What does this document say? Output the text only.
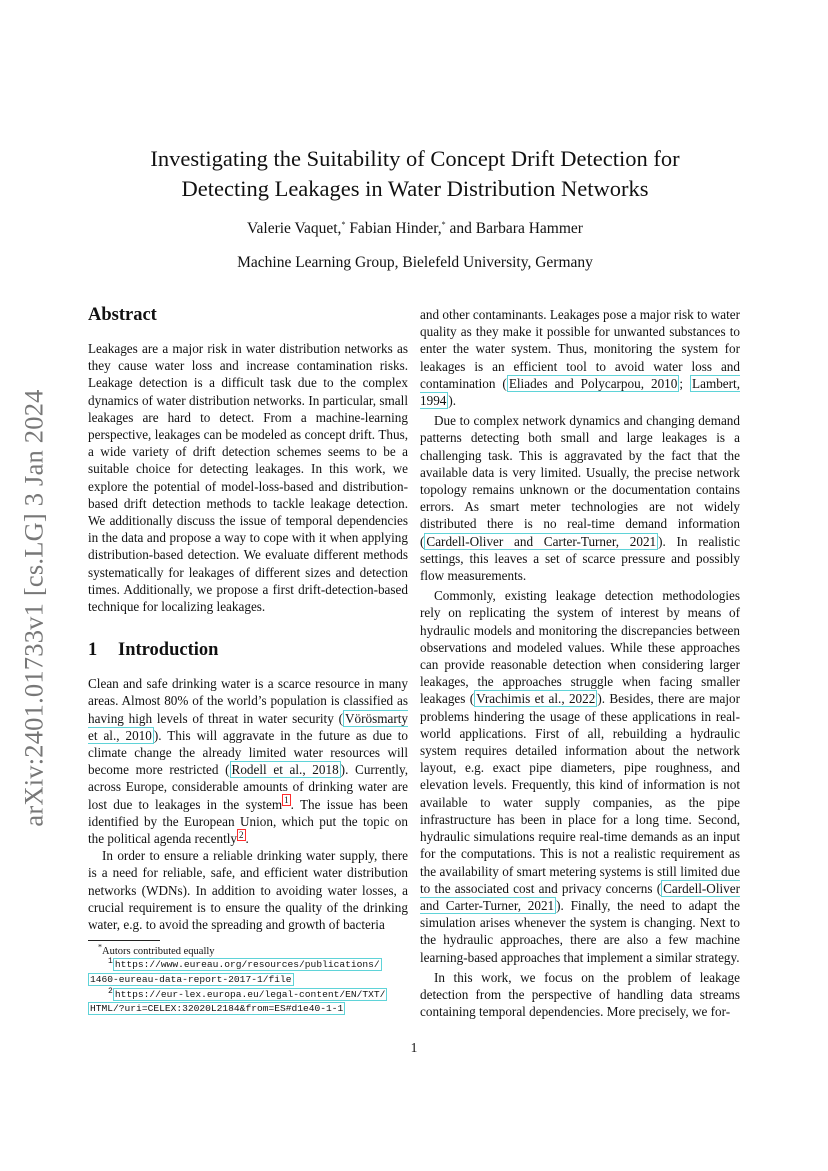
arXiv:2401.01733v1 [cs.LG] 3 Jan 2024
Investigating the Suitability of Concept Drift Detection for
Detecting Leakages in Water Distribution Networks
Valerie Vaquet,* Fabian Hinder,* and Barbara Hammer
Machine Learning Group, Bielefeld University, Germany
Abstract

Leakages are a major risk in water distribution networks as they cause water loss and increase contamination risks. Leakage detection is a difficult task due to the complex dynamics of water distribution networks. In particular, small leakages are hard to detect. From a machine-learning perspective, leakages can be modeled as concept drift. Thus, a wide variety of drift detection schemes seems to be a suitable choice for detecting leakages. In this work, we explore the potential of model-loss-based and distribution-based drift detection methods to tackle leakage detection. We additionally discuss the issue of temporal dependencies in the data and propose a way to cope with it when applying distribution-based detection. We evaluate different methods systematically for leakages of different sizes and detection times. Additionally, we propose a first drift-detection-based technique for localizing leakages.

1 Introduction

Clean and safe drinking water is a scarce resource in many areas. Almost 80% of the world’s population is classified as having high levels of threat in water security ( Vörösmarty et al., 2010 ). This will aggravate in the future as due to climate change the already limited water resources will become more restricted ( Rodell et al., 2018 ). Currently, across Europe, considerable amounts of drinking water are lost due to leakages in the system $^1$ . The issue has been identified by the European Union, which put the topic on the political agenda recently $^2$ .

In order to ensure a reliable drinking water supply, there is a need for reliable, safe, and efficient water distribution networks (WDNs). In addition to avoiding water losses, a crucial requirement is to ensure the quality of the drinking water, e.g. to avoid the spreading and growth of bacteria

and other contaminants. Leakages pose a major risk to water quality as they make it possible for unwanted substances to enter the water system. Thus, monitoring the system for leakages is an efficient tool to avoid water loss and contamination ( Eliades and Polycarpou, 2010 ; Lambert, 1994 ).

Due to complex network dynamics and changing demand patterns detecting both small and large leakages is a challenging task. This is aggravated by the fact that the available data is very limited. Usually, the precise network topology remains unknown or the documentation contains errors. As smart meter technologies are not widely distributed there is no real-time demand information ( Cardell-Oliver and Carter-Turner, 2021 ). In realistic settings, this leaves a set of scarce pressure and possibly flow measurements.

Commonly, existing leakage detection methodologies rely on replicating the system of interest by means of hydraulic models and monitoring the discrepancies between observations and modeled values. While these approaches can provide reasonable detection when considering larger leakages, the approaches struggle when facing smaller leakages ( Vrachimis et al., 2022 ). Besides, there are major problems hindering the usage of these applications in real-world applications. First of all, rebuilding a hydraulic system requires detailed information about the network layout, e.g. exact pipe diameters, pipe roughness, and elevation levels. Frequently, this kind of information is not available to water supply companies, as the pipe infrastructure has been in place for a long time. Second, hydraulic simulations require real-time demands as an input for the computations. This is not a realistic requirement as the availability of smart metering systems is still limited due to the associated cost and privacy concerns ( Cardell-Oliver and Carter-Turner, 2021 ). Finally, the need to adapt the simulation arises whenever the system is changing. Next to the hydraulic approaches, there are also a few machine learning-based approaches that implement a similar strategy.

In this work, we focus on the problem of leakage detection from the perspective of handling data streams containing temporal dependencies. More precisely, we for-

*Autors contributed equally
$^1$ https://www.eureau.org/resources/publications/
1460-eureau-data-report-2017-1/file
$^2$ https://eur-lex.europa.eu/legal-content/EN/TXT/
HTML/?uri=CELEX:32020L2184&from=ES#d1e40-1-1
1
